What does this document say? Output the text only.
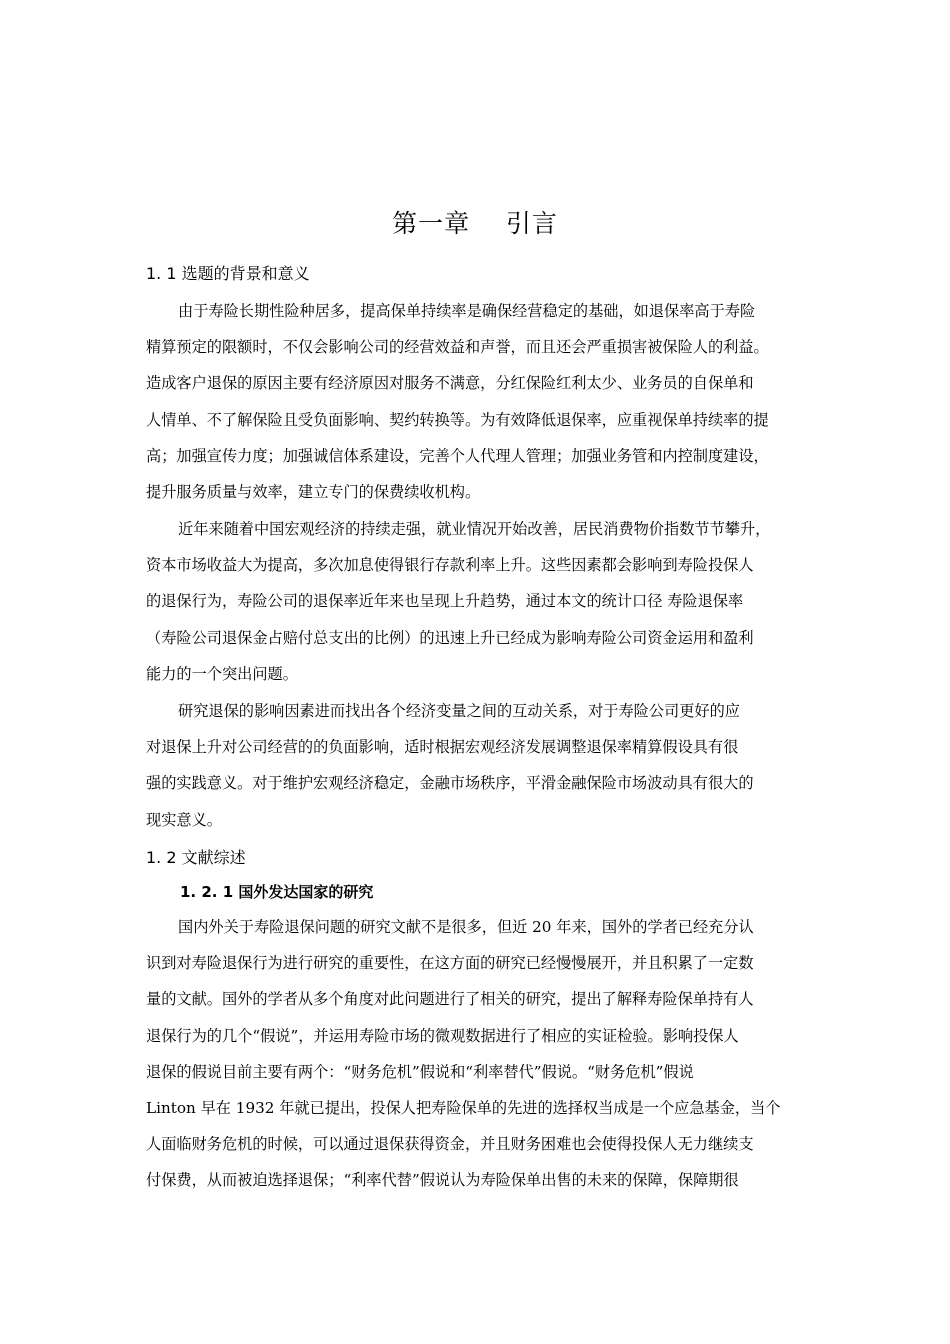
第一章    引言
1. 1 选题的背景和意义
由于寿险长期性险种居多，提高保单持续率是确保经营稳定的基础，如退保率高于寿险
精算预定的限额时，不仅会影响公司的经营效益和声誉，而且还会严重损害被保险人的利益。
造成客户退保的原因主要有经济原因对服务不满意，分红保险红利太少、业务员的自保单和
人情单、不了解保险且受负面影响、契约转换等。为有效降低退保率，应重视保单持续率的提
高；加强宣传力度；加强诚信体系建设，完善个人代理人管理；加强业务管和内控制度建设，
提升服务质量与效率，建立专门的保费续收机构。
近年来随着中国宏观经济的持续走强，就业情况开始改善，居民消费物价指数节节攀升，
资本市场收益大为提高，多次加息使得银行存款利率上升。这些因素都会影响到寿险投保人
的退保行为，寿险公司的退保率近年来也呈现上升趋势，通过本文的统计口径 寿险退保率
（寿险公司退保金占赔付总支出的比例）的迅速上升已经成为影响寿险公司资金运用和盈利
能力的一个突出问题。
研究退保的影响因素进而找出各个经济变量之间的互动关系，对于寿险公司更好的应
对退保上升对公司经营的的负面影响，适时根据宏观经济发展调整退保率精算假设具有很
强的实践意义。对于维护宏观经济稳定，金融市场秩序，平滑金融保险市场波动具有很大的
现实意义。
1. 2 文献综述
1. 2. 1 国外发达国家的研究
国内外关于寿险退保问题的研究文献不是很多，但近 20 年来，国外的学者已经充分认
识到对寿险退保行为进行研究的重要性，在这方面的研究已经慢慢展开，并且积累了一定数
量的文献。国外的学者从多个角度对此问题进行了相关的研究，提出了解释寿险保单持有人
退保行为的几个“假说”，并运用寿险市场的微观数据进行了相应的实证检验。影响投保人
退保的假说目前主要有两个：“财务危机”假说和“利率替代”假说。“财务危机”假说
Linton 早在 1932 年就已提出，投保人把寿险保单的先进的选择权当成是一个应急基金，当个
人面临财务危机的时候，可以通过退保获得资金，并且财务困难也会使得投保人无力继续支
付保费，从而被迫选择退保；“利率代替”假说认为寿险保单出售的未来的保障，保障期很
